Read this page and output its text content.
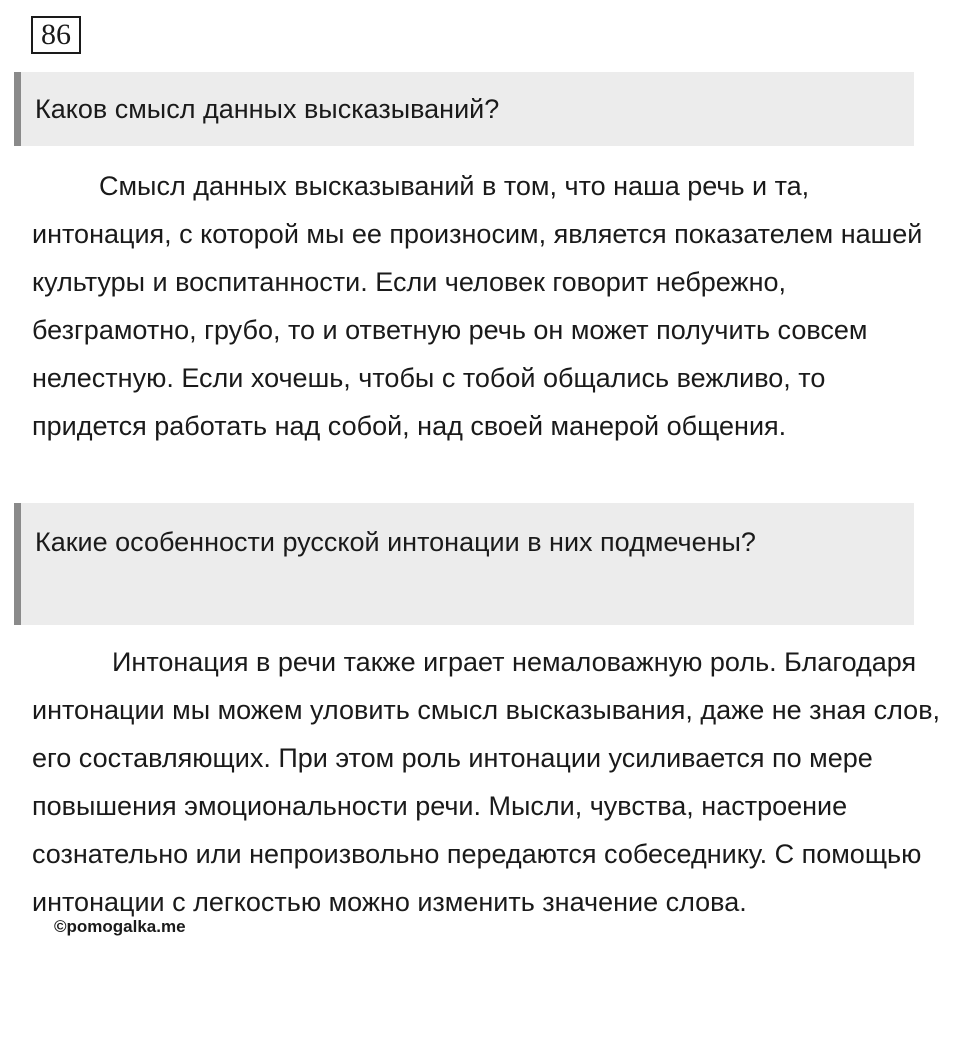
86
Каков смысл данных высказываний?

Смысл данных высказываний в том, что наша речь и та, интонация, с которой мы ее произносим, является показателем нашей культуры и воспитанности. Если человек говорит небрежно, безграмотно, грубо, то и ответную речь он может получить совсем нелестную. Если хочешь, чтобы с тобой общались вежливо, то придется работать над собой, над своей манерой общения.

Какие особенности русской интонации в них подмечены?

Интонация в речи также играет немаловажную роль. Благодаря интонации мы можем уловить смысл высказывания, даже не зная слов, его составляющих. При этом роль интонации усиливается по мере повышения эмоциональности речи. Мысли, чувства, настроение сознательно или непроизвольно передаются собеседнику. С помощью интонации с легкостью можно изменить значение слова.

©pomogalka.me
